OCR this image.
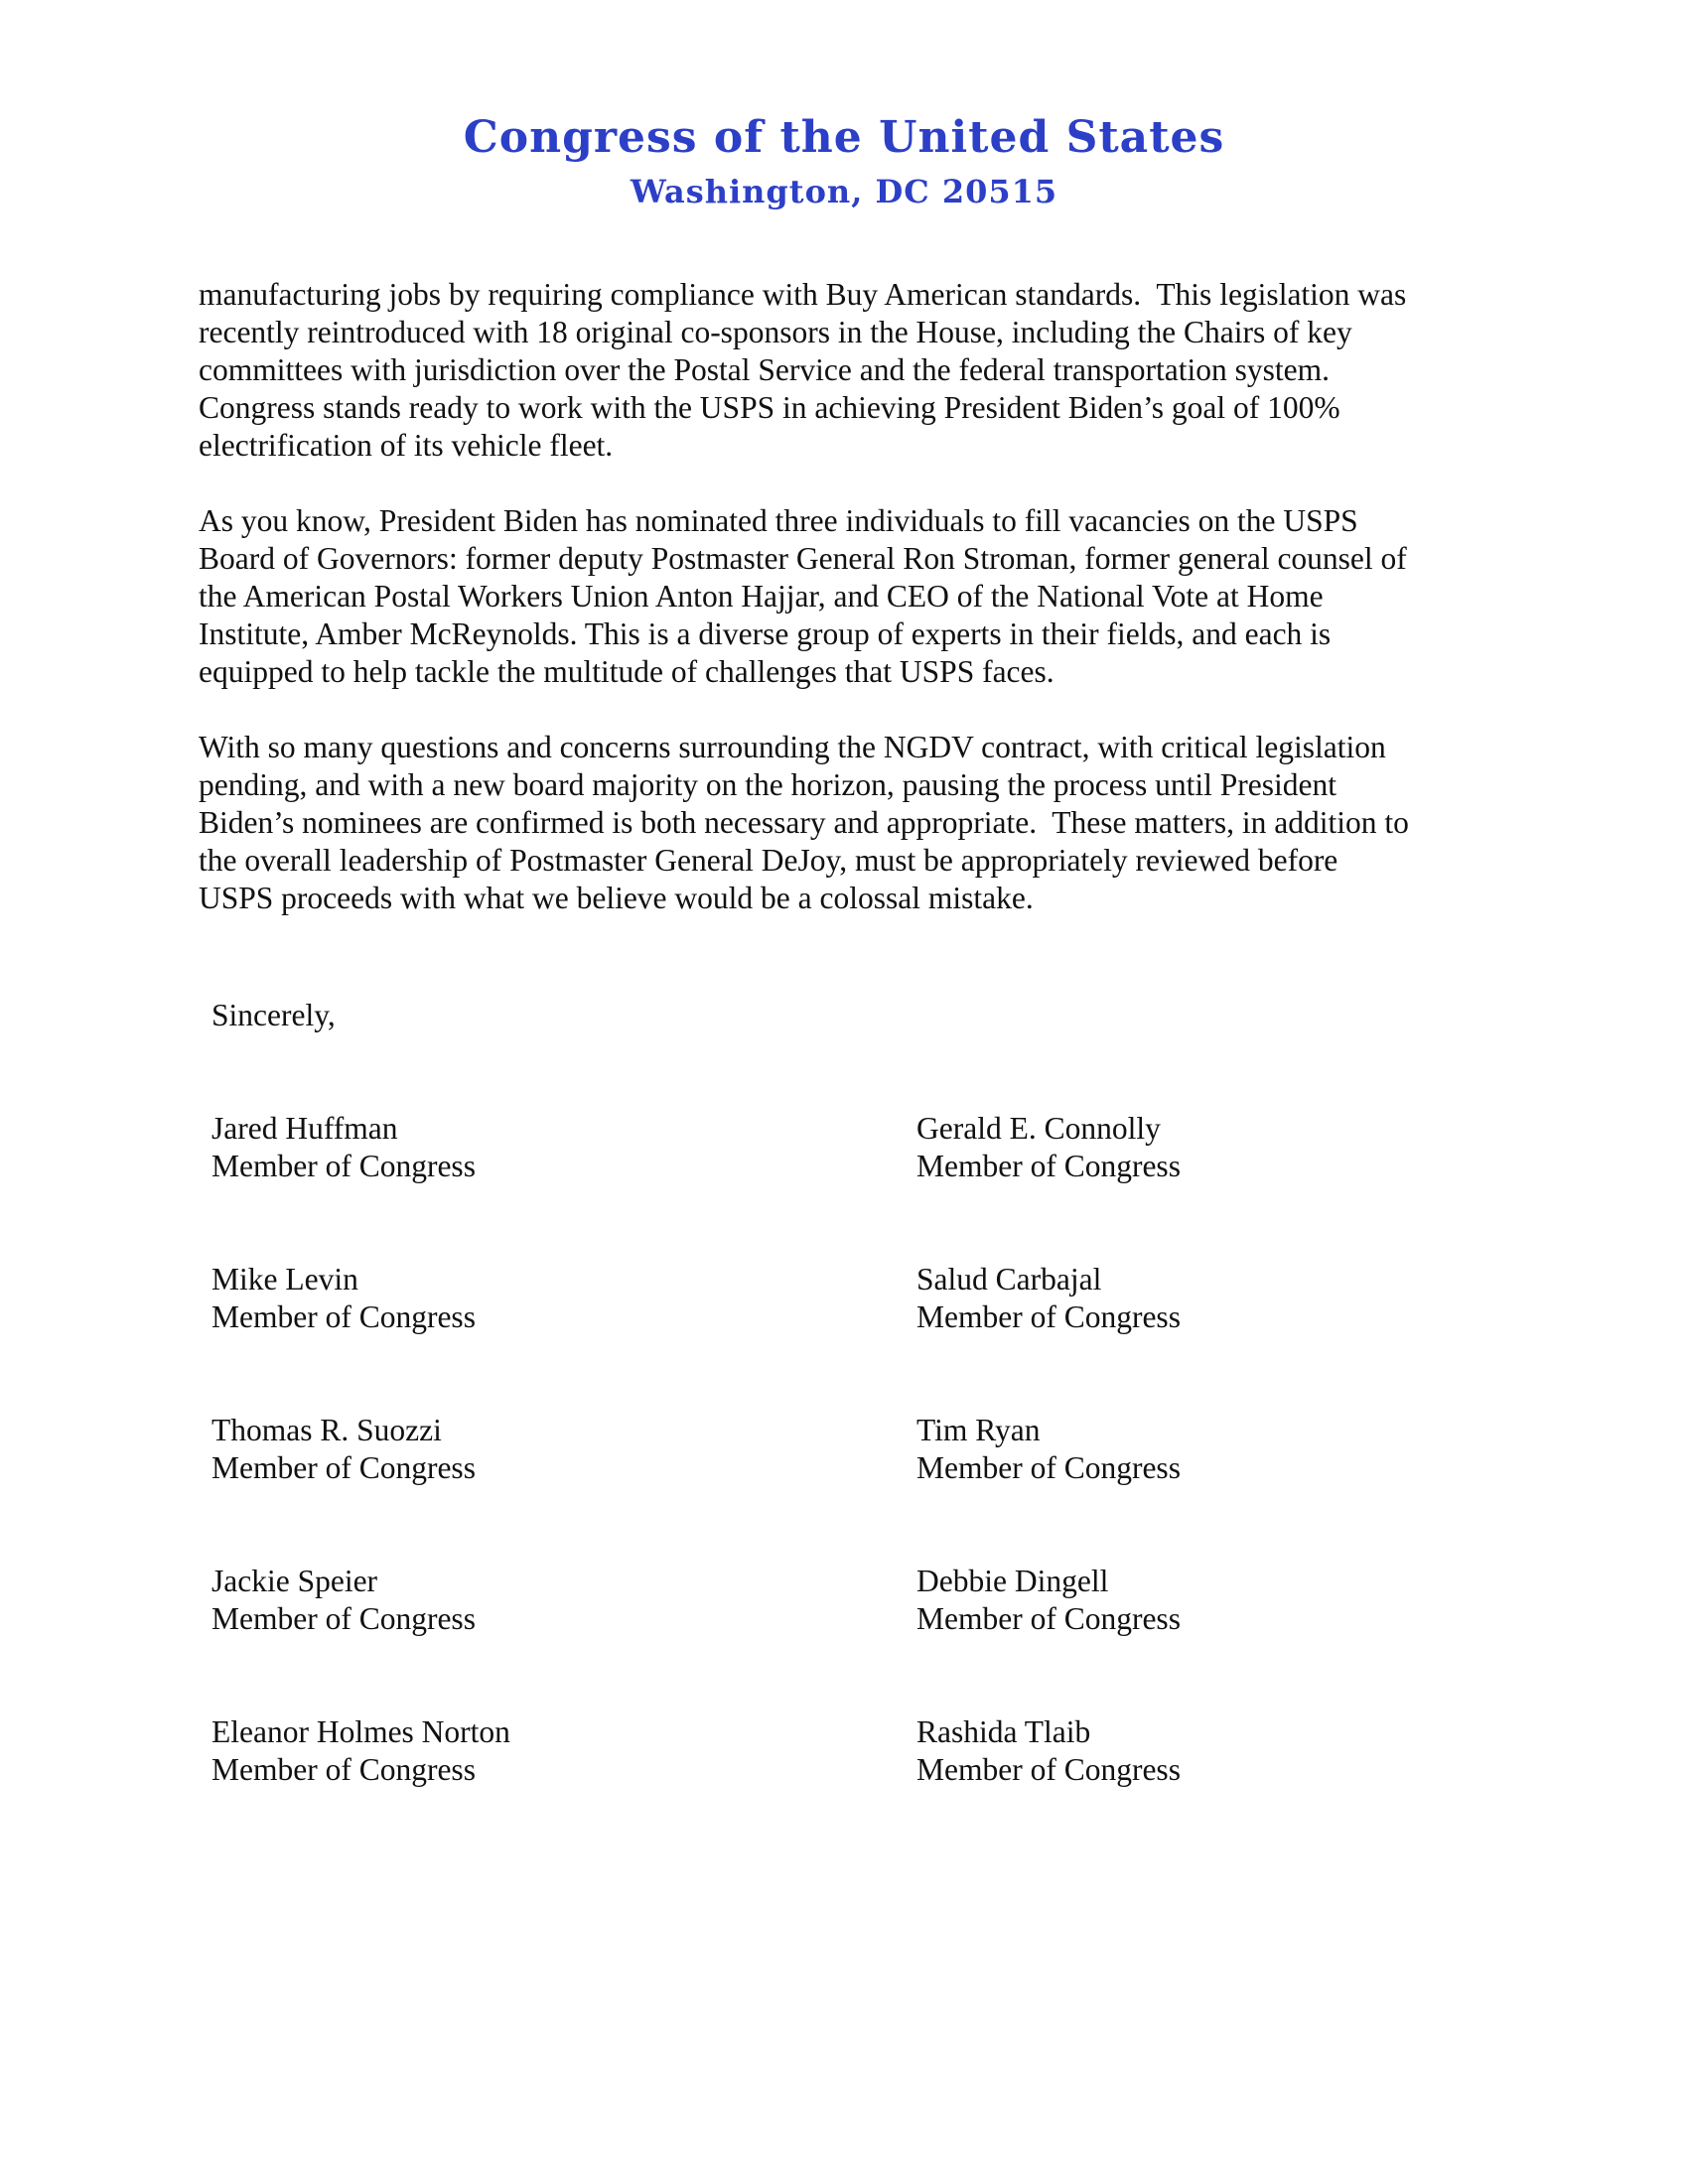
Congress of the United States
Washington, DC 20515

manufacturing jobs by requiring compliance with Buy American standards.  This legislation was
recently reintroduced with 18 original co-sponsors in the House, including the Chairs of key
committees with jurisdiction over the Postal Service and the federal transportation system.
Congress stands ready to work with the USPS in achieving President Biden’s goal of 100%
electrification of its vehicle fleet.

As you know, President Biden has nominated three individuals to fill vacancies on the USPS
Board of Governors: former deputy Postmaster General Ron Stroman, former general counsel of
the American Postal Workers Union Anton Hajjar, and CEO of the National Vote at Home
Institute, Amber McReynolds. This is a diverse group of experts in their fields, and each is
equipped to help tackle the multitude of challenges that USPS faces.

With so many questions and concerns surrounding the NGDV contract, with critical legislation
pending, and with a new board majority on the horizon, pausing the process until President
Biden’s nominees are confirmed is both necessary and appropriate.  These matters, in addition to
the overall leadership of Postmaster General DeJoy, must be appropriately reviewed before
USPS proceeds with what we believe would be a colossal mistake.

Sincerely,
Jared Huffman
Member of Congress
Gerald E. Connolly
Member of Congress
Mike Levin
Member of Congress
Salud Carbajal
Member of Congress
Thomas R. Suozzi
Member of Congress
Tim Ryan
Member of Congress
Jackie Speier
Member of Congress
Debbie Dingell
Member of Congress
Eleanor Holmes Norton
Member of Congress
Rashida Tlaib
Member of Congress
